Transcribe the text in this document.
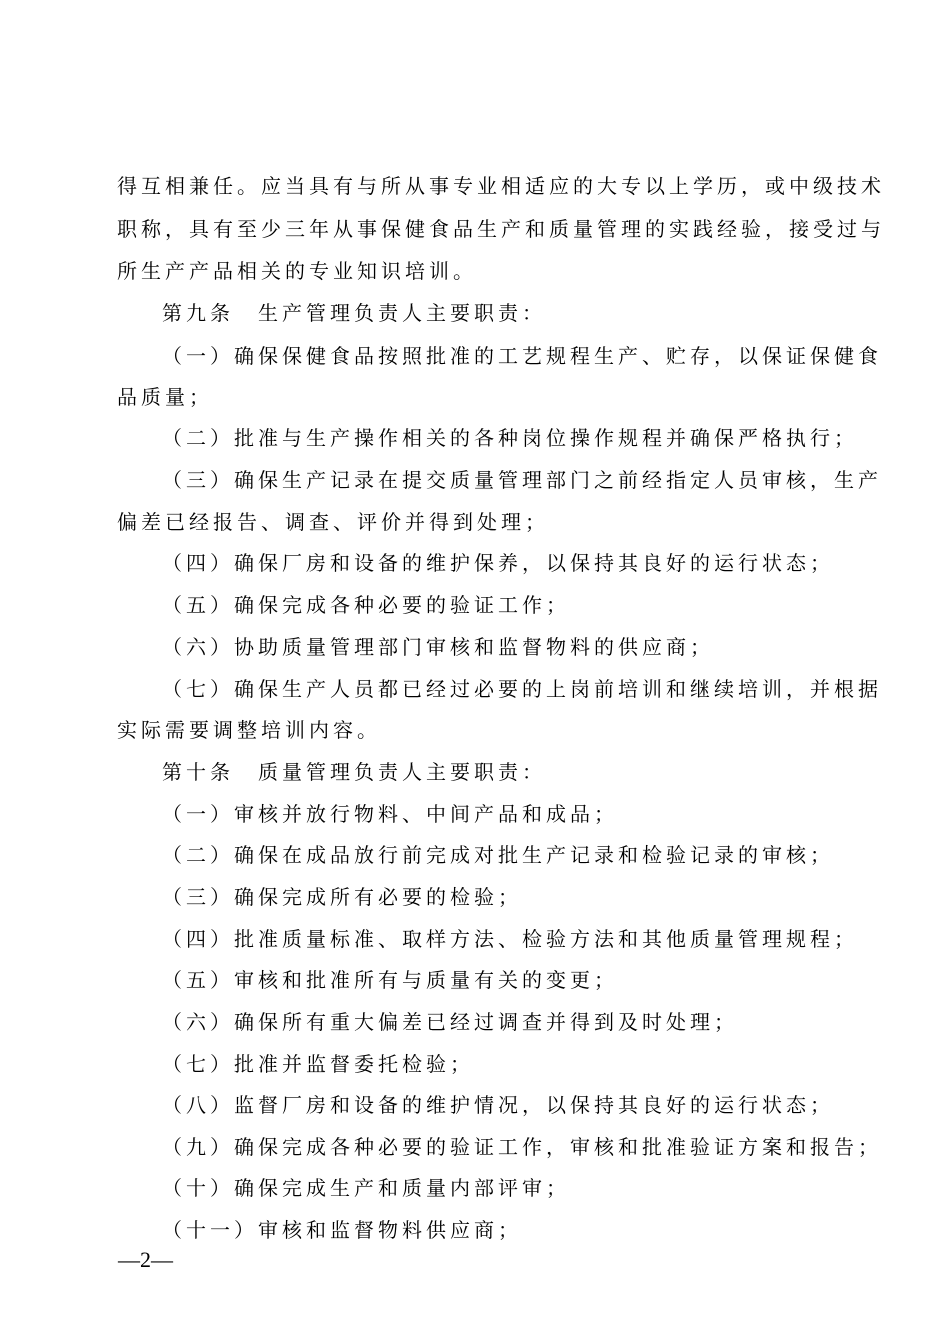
得互相兼任。应当具有与所从事专业相适应的大专以上学历，或中级技术
职称，具有至少三年从事保健食品生产和质量管理的实践经验，接受过与
所生产产品相关的专业知识培训。
第九条　生产管理负责人主要职责：
（一）确保保健食品按照批准的工艺规程生产、贮存，以保证保健食
品质量；
（二）批准与生产操作相关的各种岗位操作规程并确保严格执行；
（三）确保生产记录在提交质量管理部门之前经指定人员审核，生产
偏差已经报告、调查、评价并得到处理；
（四）确保厂房和设备的维护保养，以保持其良好的运行状态；
（五）确保完成各种必要的验证工作；
（六）协助质量管理部门审核和监督物料的供应商；
（七）确保生产人员都已经过必要的上岗前培训和继续培训，并根据
实际需要调整培训内容。
第十条　质量管理负责人主要职责：
（一）审核并放行物料、中间产品和成品；
（二）确保在成品放行前完成对批生产记录和检验记录的审核；
（三）确保完成所有必要的检验；
（四）批准质量标准、取样方法、检验方法和其他质量管理规程；
（五）审核和批准所有与质量有关的变更；
（六）确保所有重大偏差已经过调查并得到及时处理；
（七）批准并监督委托检验；
（八）监督厂房和设备的维护情况，以保持其良好的运行状态；
（九）确保完成各种必要的验证工作，审核和批准验证方案和报告；
（十）确保完成生产和质量内部评审；
（十一）审核和监督物料供应商；
—2—
